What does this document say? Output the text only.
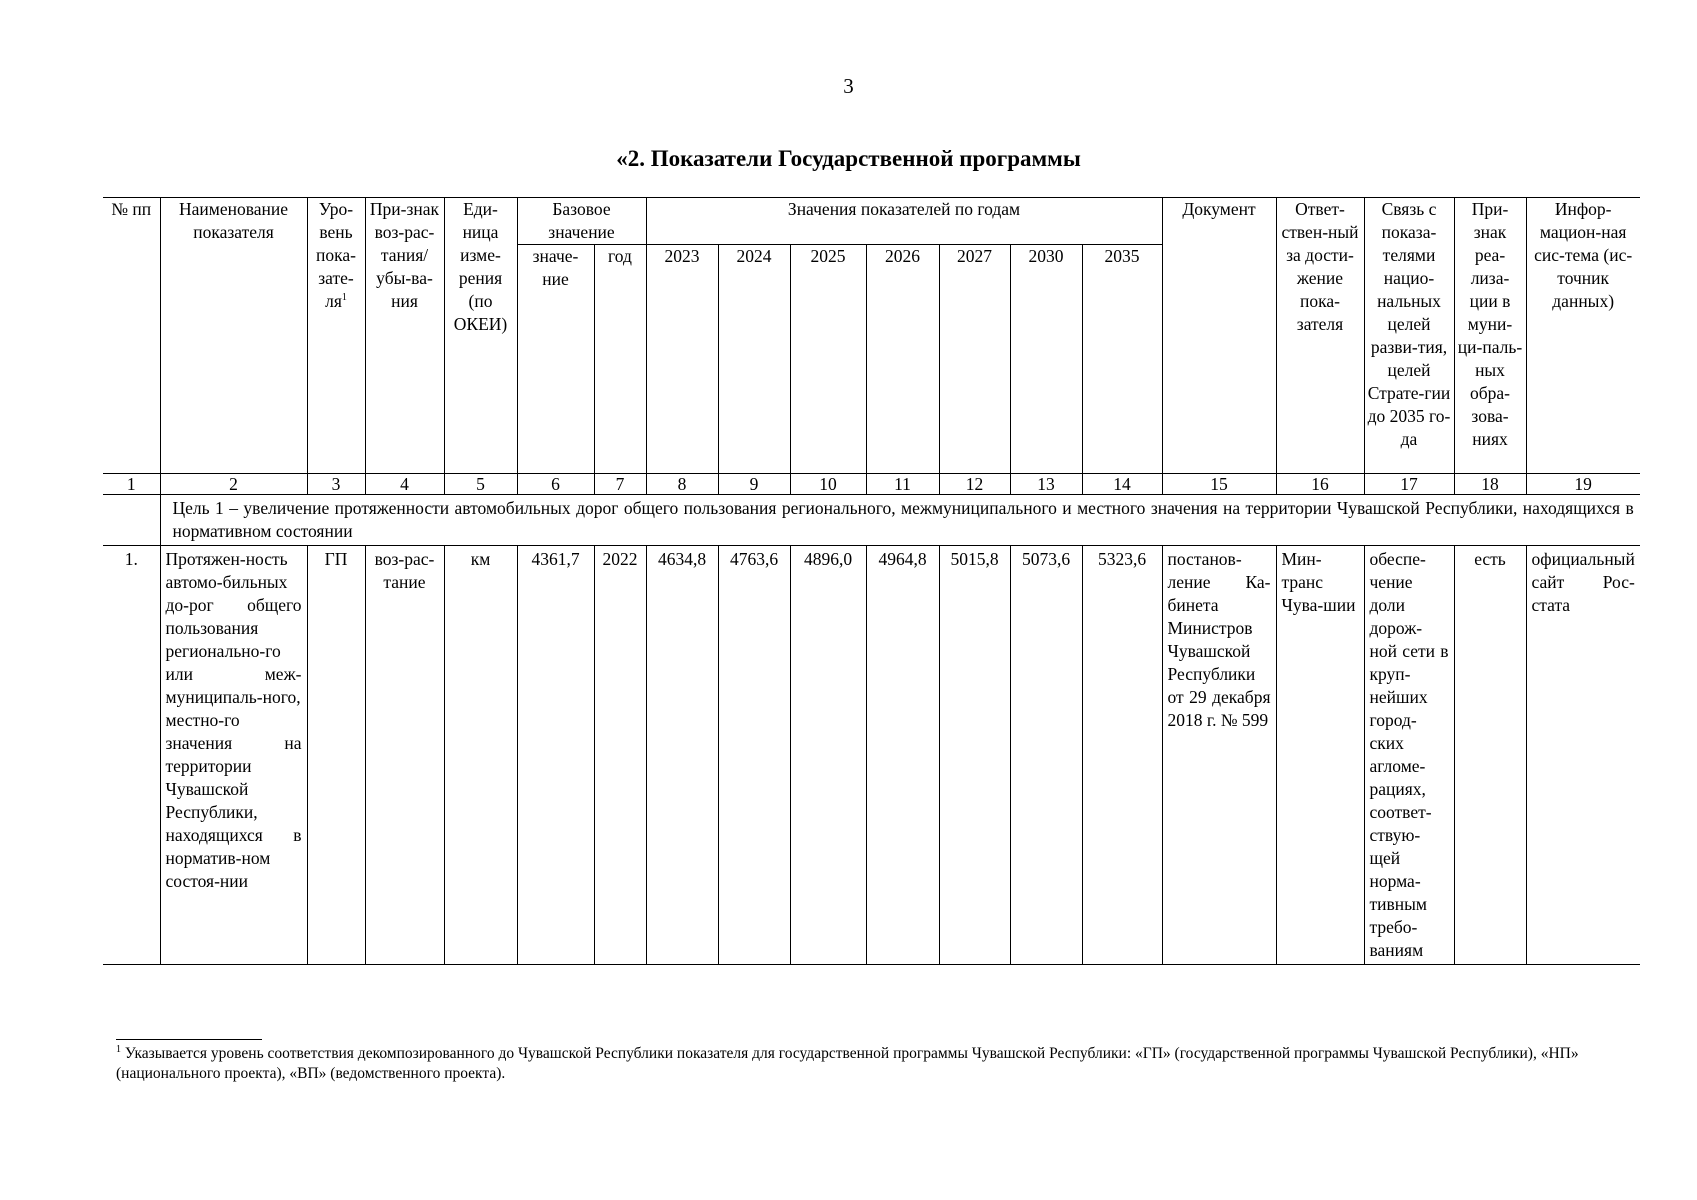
3
«2. Показатели Государственной программы
№ пп	Наименование показателя	Уро-вень пока-$зате-ля^1$	При-знак воз-рас-тания/ убы-ва-ния	Еди-ница изме-рения (по ОКЕИ)	Базовое значение		Значения показателей по годам							Документ	Ответ-ствен-ный за дости-жение пока-зателя	Связь с показа-телями нацио-нальных целей разви-тия, целей Страте-гии до 2035 го-да	При-знак реа-лиза-ции в муни-ци-паль-ных обра-зова-ниях	Инфор-мацион-ная сис-тема (ис-точник данных)
					значе-ние	год	2023	2024	2025	2026	2027	2030	2035					
1	2	3	4	5	6	7	8	9	10	11	12	13	14	15	16	17	18	19
	Цель 1 – увеличение протяженности автомобильных дорог общего пользования регионального, межмуниципального и местного значения на территории Чувашской Республики, находящихся в нормативном состоянии																	
1.	Протяжен-ность автомо-бильных до-рог общего пользования регионально-го или меж-муниципаль-ного, местно-го значения на территории Чувашской Республики, находящихся в норматив-ном состоя-нии	ГП	воз-рас-тание	км	4361,7	2022	4634,8	4763,6	4896,0	4964,8	5015,8	5073,6	5323,6	постанов-ление Ка-бинета Министров Чувашской Республики от 29 декабря 2018 г. № 599	Мин-транс Чува-шии	обеспе-чение доли дорож-ной сети в круп-нейших город-ских агломе-рациях, соответ-ствую-щей норма-тивным требо-ваниям	есть	официальный сайт Рос-стата
$^1$ Указывается уровень соответствия декомпозированного до Чувашской Республики показателя для государственной программы Чувашской Республики: «ГП» (государственной программы Чувашской Республики), «НП» (национального проекта), «ВП» (ведомственного проекта).
